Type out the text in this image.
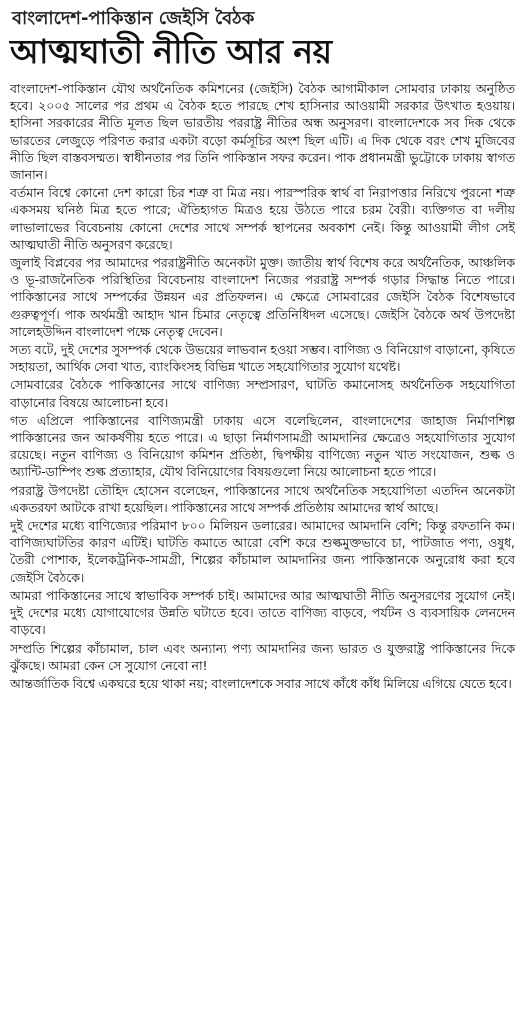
বাংলাদেশ-পাকিস্তান জেইসি বৈঠক
আত্মঘাতী নীতি আর নয়

বাংলাদেশ-পাকিস্তান যৌথ অর্থনৈতিক কমিশনের (জেইসি) বৈঠক আগামীকাল সোমবার ঢাকায় অনুষ্ঠিত হবে। ২০০৫ সালের পর প্রথম এ বৈঠক হতে পারছে শেখ হাসিনার আওয়ামী সরকার উৎখাত হওয়ায়। হাসিনা সরকারের নীতি মূলত ছিল ভারতীয় পররাষ্ট্র নীতির অন্ধ অনুসরণ। বাংলাদেশকে সব দিক থেকে ভারতের লেজুড়ে পরিণত করার একটা বড়ো কর্মসূচির অংশ ছিল এটি। এ দিক থেকে বরং শেখ মুজিবের নীতি ছিল বাস্তবসম্মত। স্বাধীনতার পর তিনি পাকিস্তান সফর করেন। পাক প্রধানমন্ত্রী ভুট্টোকে ঢাকায় স্বাগত জানান।

বর্তমান বিশ্বে কোনো দেশ কারো চির শত্রু বা মিত্র নয়। পারস্পরিক স্বার্থ বা নিরাপত্তার নিরিখে পুরনো শত্রু একসময় ঘনিষ্ঠ মিত্র হতে পারে; ঐতিহ্যগত মিত্রও হয়ে উঠতে পারে চরম বৈরী। ব্যক্তিগত বা দলীয় লাভালাভের বিবেচনায় কোনো দেশের সাথে সম্পর্ক স্থাপনের অবকাশ নেই। কিন্তু আওয়ামী লীগ সেই আত্মঘাতী নীতি অনুসরণ করেছে।

জুলাই বিপ্লবের পর আমাদের পররাষ্ট্রনীতি অনেকটা মুক্ত। জাতীয় স্বার্থ বিশেষ করে অর্থনৈতিক, আঞ্চলিক ও ভূ-রাজনৈতিক পরিস্থিতির বিবেচনায় বাংলাদেশ নিজের পররাষ্ট্র সম্পর্ক গড়ার সিদ্ধান্ত নিতে পারে। পাকিস্তানের সাথে সম্পর্কের উন্নয়ন এর প্রতিফলন। এ ক্ষেত্রে সোমবারের জেইসি বৈঠক বিশেষভাবে গুরুত্বপূর্ণ। পাক অর্থমন্ত্রী আহাদ খান চিমার নেতৃত্বে প্রতিনিধিদল এসেছে। জেইসি বৈঠকে অর্থ উপদেষ্টা সালেহউদ্দিন বাংলাদেশ পক্ষে নেতৃত্ব দেবেন।

সত্য বটে, দুই দেশের সুসম্পর্ক থেকে উভয়ের লাভবান হওয়া সম্ভব। বাণিজ্য ও বিনিয়োগ বাড়ানো, কৃষিতে সহায়তা, আর্থিক সেবা খাত, ব্যাংকিংসহ বিভিন্ন খাতে সহযোগিতার সুযোগ যথেষ্ট।

সোমবারের বৈঠকে পাকিস্তানের সাথে বাণিজ্য সম্প্রসারণ, ঘাটতি কমানোসহ অর্থনৈতিক সহযোগিতা বাড়ানোর বিষয়ে আলোচনা হবে।

গত এপ্রিলে পাকিস্তানের বাণিজ্যমন্ত্রী ঢাকায় এসে বলেছিলেন, বাংলাদেশের জাহাজ নির্মাণশিল্প পাকিস্তানের জন আকর্ষণীয় হতে পারে। এ ছাড়া নির্মাণসামগ্রী আমদানির ক্ষেত্রেও সহযোগিতার সুযোগ রয়েছে। নতুন বাণিজ্য ও বিনিয়োগ কমিশন প্রতিষ্ঠা, দ্বিপক্ষীয় বাণিজ্যে নতুন খাত সংযোজন, শুল্ক ও অ্যান্টি-ডাম্পিং শুল্ক প্রত্যাহার, যৌথ বিনিয়োগের বিষয়গুলো নিয়ে আলোচনা হতে পারে।

পররাষ্ট্র উপদেষ্টা তৌহিদ হোসেন বলেছেন, পাকিস্তানের সাথে অর্থনৈতিক সহযোগিতা এতদিন অনেকটা একতরফা আটকে রাখা হয়েছিল। পাকিস্তানের সাথে সম্পর্ক প্রতিষ্ঠায় আমাদের স্বার্থ আছে।

দুই দেশের মধ্যে বাণিজ্যের পরিমাণ ৮০০ মিলিয়ন ডলারের। আমাদের আমদানি বেশি; কিন্তু রফতানি কম। বাণিজ্যঘাটতির কারণ এটিই। ঘাটতি কমাতে আরো বেশি করে শুল্কমুক্তভাবে চা, পাটজাত পণ্য, ওষুধ, তৈরী পোশাক, ইলেকট্রনিক-সামগ্রী, শিল্পের কাঁচামাল আমদানির জন্য পাকিস্তানকে অনুরোধ করা হবে জেইসি বৈঠকে।

আমরা পাকিস্তানের সাথে স্বাভাবিক সম্পর্ক চাই। আমাদের আর আত্মঘাতী নীতি অনুসরণের সুযোগ নেই। দুই দেশের মধ্যে যোগাযোগের উন্নতি ঘটাতে হবে। তাতে বাণিজ্য বাড়বে, পর্যটন ও ব্যবসায়িক লেনদেন বাড়বে।

সম্প্রতি শিল্পের কাঁচামাল, চাল এবং অন্যান্য পণ্য আমদানির জন্য ভারত ও যুক্তরাষ্ট্র পাকিস্তানের দিকে ঝুঁকছে। আমরা কেন সে সুযোগ নেবো না!

আন্তর্জাতিক বিশ্বে একঘরে হয়ে থাকা নয়; বাংলাদেশকে সবার সাথে কাঁধে কাঁধ মিলিয়ে এগিয়ে যেতে হবে।
